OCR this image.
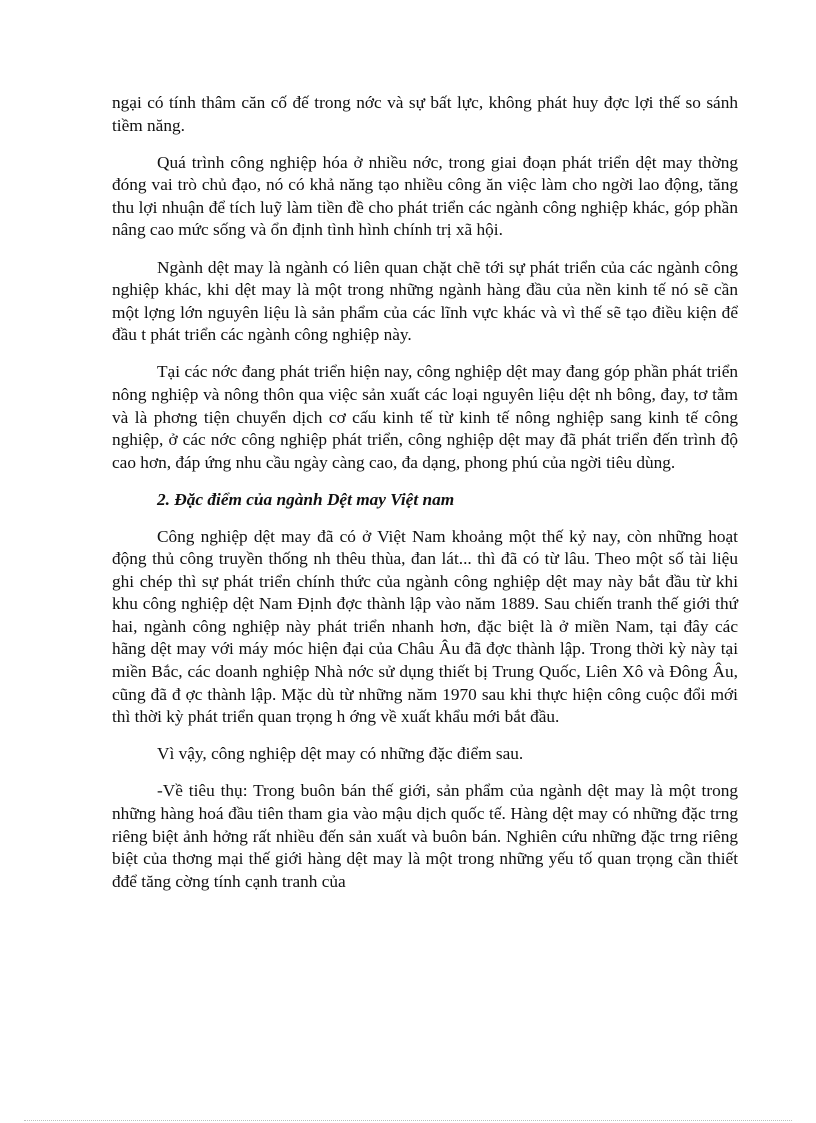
ngại có tính thâm căn cố đế trong nớc và sự bất lực, không phát huy đợc lợi thế so sánh tiềm năng.

Quá trình công nghiệp hóa ở nhiều nớc, trong giai đoạn phát triển dệt may thờng đóng vai trò chủ đạo, nó có khả năng tạo nhiều công ăn việc làm cho ngời lao động, tăng thu lợi nhuận để tích luỹ làm tiền đề cho phát triển các ngành công nghiệp khác, góp phần nâng cao mức sống và ổn định tình hình chính trị xã hội.

Ngành dệt may là ngành có liên quan chặt chẽ tới sự phát triển của các ngành công nghiệp khác, khi dệt may là một trong những ngành hàng đầu của nền kinh tế nó sẽ cần một lợng lớn nguyên liệu là sản phẩm của các lĩnh vực khác và vì thế sẽ tạo điều kiện để đầu t phát triển các ngành công nghiệp này.

Tại các nớc đang phát triển hiện nay, công nghiệp dệt may đang góp phần phát triển nông nghiệp và nông thôn qua việc sản xuất các loại nguyên liệu dệt nh bông, đay, tơ tằm và là phơng tiện chuyển dịch cơ cấu kinh tế từ kinh tế nông nghiệp sang kinh tế công nghiệp, ở các nớc công nghiệp phát triển, công nghiệp dệt may đã phát triển đến trình độ cao hơn, đáp ứng nhu cầu ngày càng cao, đa dạng, phong phú của ngời tiêu dùng.

2. Đặc điểm của ngành Dệt may Việt nam

Công nghiệp dệt may đã có ở Việt Nam khoảng một thế kỷ nay, còn những hoạt động thủ công truyền thống nh thêu thùa, đan lát... thì đã có từ lâu. Theo một số tài liệu ghi chép thì sự phát triển chính thức của ngành công nghiệp dệt may này bắt đầu từ khi khu công nghiệp dệt Nam Định đợc thành lập vào năm 1889. Sau chiến tranh thế giới thứ hai, ngành công nghiệp này phát triển nhanh hơn, đặc biệt là ở miền Nam, tại đây các hãng dệt may với máy móc hiện đại của Châu Âu đã đợc thành lập. Trong thời kỳ này tại miền Bắc, các doanh nghiệp Nhà nớc sử dụng thiết bị Trung Quốc, Liên Xô và Đông Âu, cũng đã đ ợc thành lập. Mặc dù từ những năm 1970 sau khi thực hiện công cuộc đổi mới thì thời kỳ phát triển quan trọng h ớng về xuất khẩu mới bắt đầu.

Vì vậy, công nghiệp dệt may có những đặc điểm sau.

-Về tiêu thụ: Trong buôn bán thế giới, sản phẩm của ngành dệt may là một trong những hàng hoá đầu tiên tham gia vào mậu dịch quốc tế. Hàng dệt may có những đặc trng riêng biệt ảnh hởng rất nhiều đến sản xuất và buôn bán. Nghiên cứu những đặc trng riêng biệt của thơng mại thế giới hàng dệt may là một trong những yếu tố quan trọng cần thiết đđể tăng cờng tính cạnh tranh của
